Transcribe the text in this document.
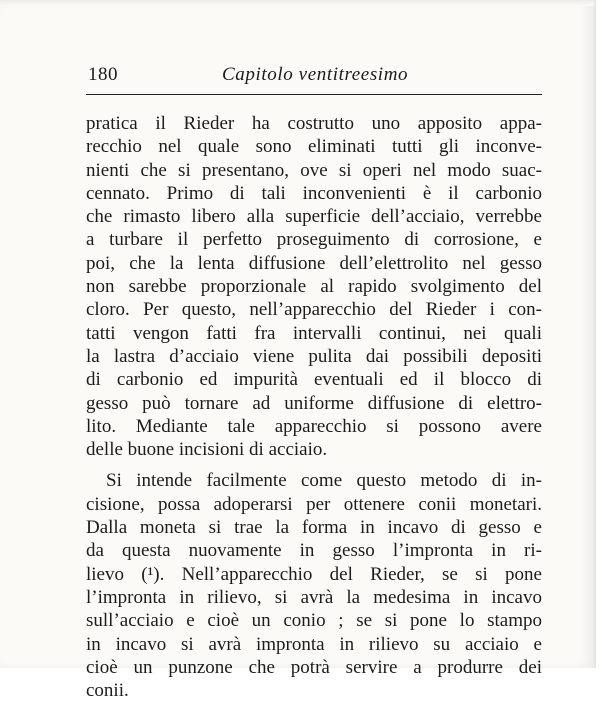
180	Capitolo ventitreesimo
pratica il Rieder ha costrutto uno apposito appa-
recchio nel quale sono eliminati tutti gli inconve-
nienti che si presentano, ove si operi nel modo suac-
cennato. Primo di tali inconvenienti è il carbonio
che rimasto libero alla superficie dell’acciaio, verrebbe
a turbare il perfetto proseguimento di corrosione, e
poi, che la lenta diffusione dell’elettrolito nel gesso
non sarebbe proporzionale al rapido svolgimento del
cloro. Per questo, nell’apparecchio del Rieder i con-
tatti vengon fatti fra intervalli continui, nei quali
la lastra d’acciaio viene pulita dai possibili depositi
di carbonio ed impurità eventuali ed il blocco di
gesso può tornare ad uniforme diffusione di elettro-
lito. Mediante tale apparecchio si possono avere
delle buone incisioni di acciaio.
Si intende facilmente come questo metodo di in-
cisione, possa adoperarsi per ottenere conii monetari.
Dalla moneta si trae la forma in incavo di gesso e
da questa nuovamente in gesso l’impronta in ri-
lievo (¹). Nell’apparecchio del Rieder, se si pone
l’impronta in rilievo, si avrà la medesima in incavo
sull’acciaio e cioè un conio ; se si pone lo stampo
in incavo si avrà impronta in rilievo su acciaio e
cioè un punzone che potrà servire a produrre dei
conii.
